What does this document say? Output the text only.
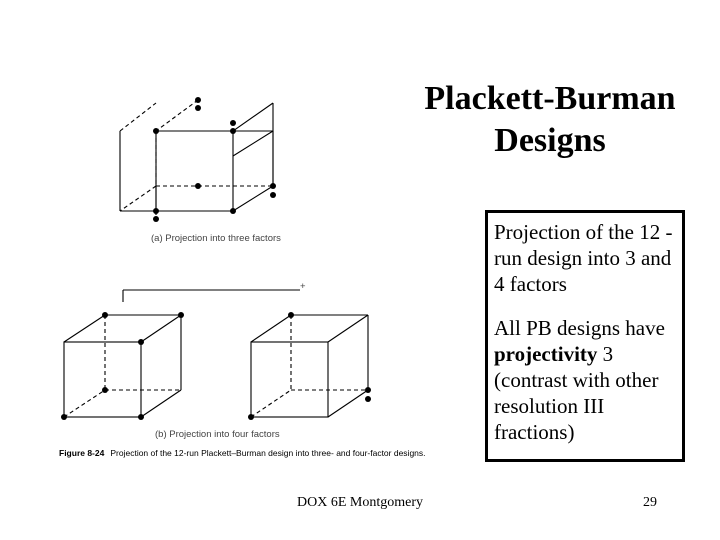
Plackett-Burman
Designs

Projection of the 12 -run design into 3 and 4 factors

All PB designs have projectivity 3 (contrast with other resolution III fractions)

(a) Projection into three factors
+
(b) Projection into four factors
Figure 8-24 Projection of the 12-run Plackett–Burman design into three- and four-factor designs.
DOX 6E Montgomery	29
